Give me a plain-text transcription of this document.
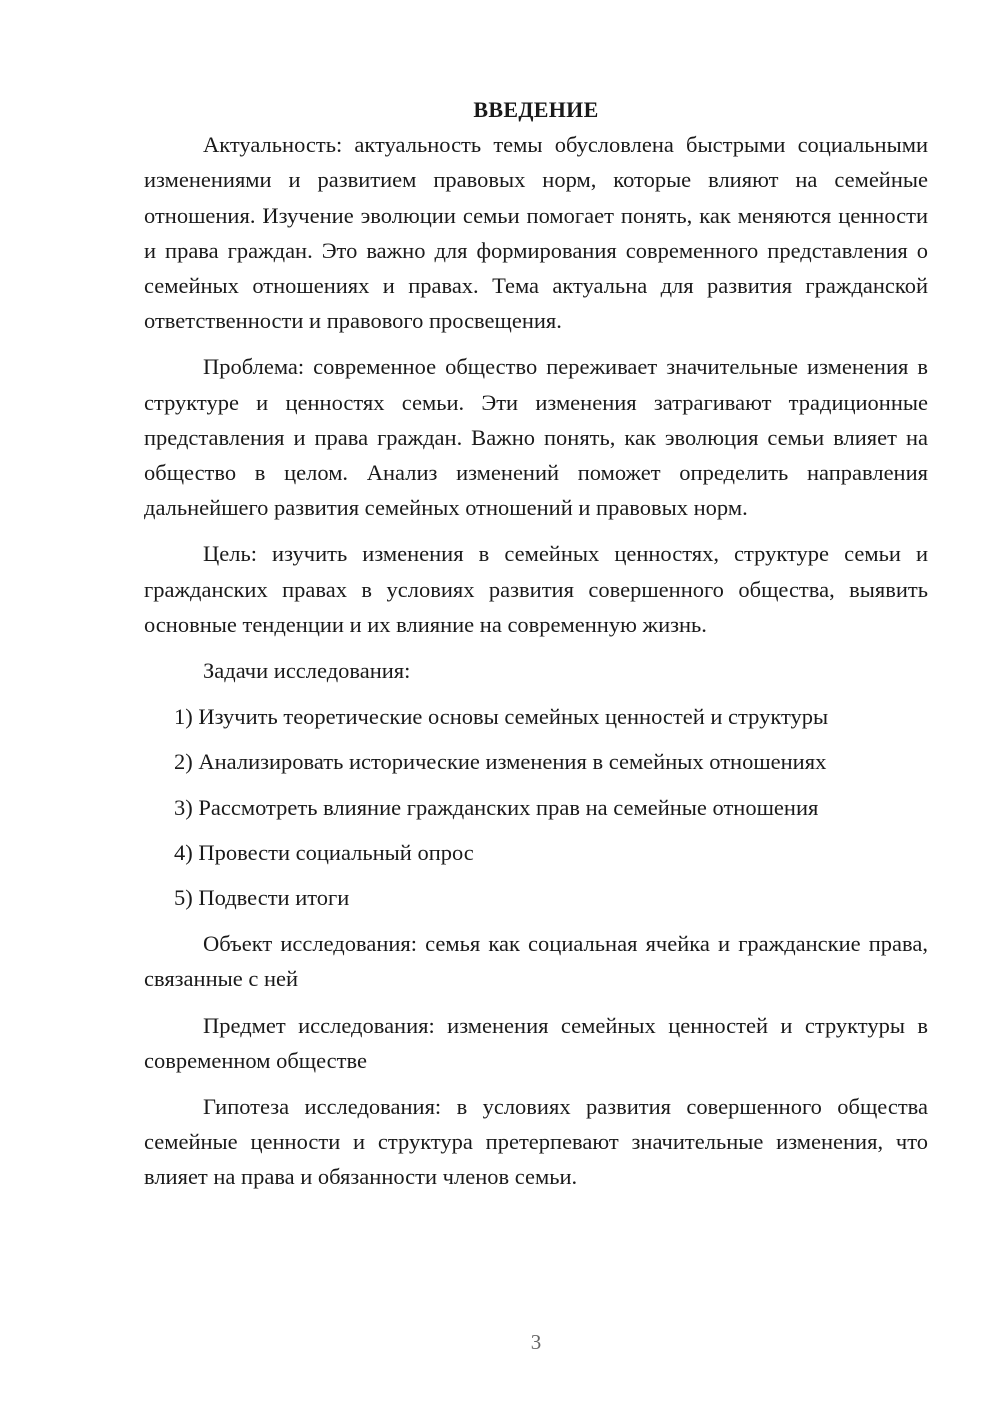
ВВЕДЕНИЕ

Актуальность: актуальность темы обусловлена быстрыми социальными изменениями и развитием правовых норм, которые влияют на семейные отношения. Изучение эволюции семьи помогает понять, как меняются ценности и права граждан. Это важно для формирования современного представления о семейных отношениях и правах. Тема актуальна для развития гражданской ответственности и правового просвещения.

Проблема: современное общество переживает значительные изменения в структуре и ценностях семьи. Эти изменения затрагивают традиционные представления и права граждан. Важно понять, как эволюция семьи влияет на общество в целом. Анализ изменений поможет определить направления дальнейшего развития семейных отношений и правовых норм.

Цель: изучить изменения в семейных ценностях, структуре семьи и гражданских правах в условиях развития совершенного общества, выявить основные тенденции и их влияние на современную жизнь.

Задачи исследования:

1) Изучить теоретические основы семейных ценностей и структуры
2) Анализировать исторические изменения в семейных отношениях
3) Рассмотреть влияние гражданских прав на семейные отношения
4) Провести социальный опрос
5) Подвести итоги

Объект исследования: семья как социальная ячейка и гражданские права, связанные с ней

Предмет исследования: изменения семейных ценностей и структуры в современном обществе

Гипотеза исследования: в условиях развития совершенного общества семейные ценности и структура претерпевают значительные изменения, что влияет на права и обязанности членов семьи.

3
